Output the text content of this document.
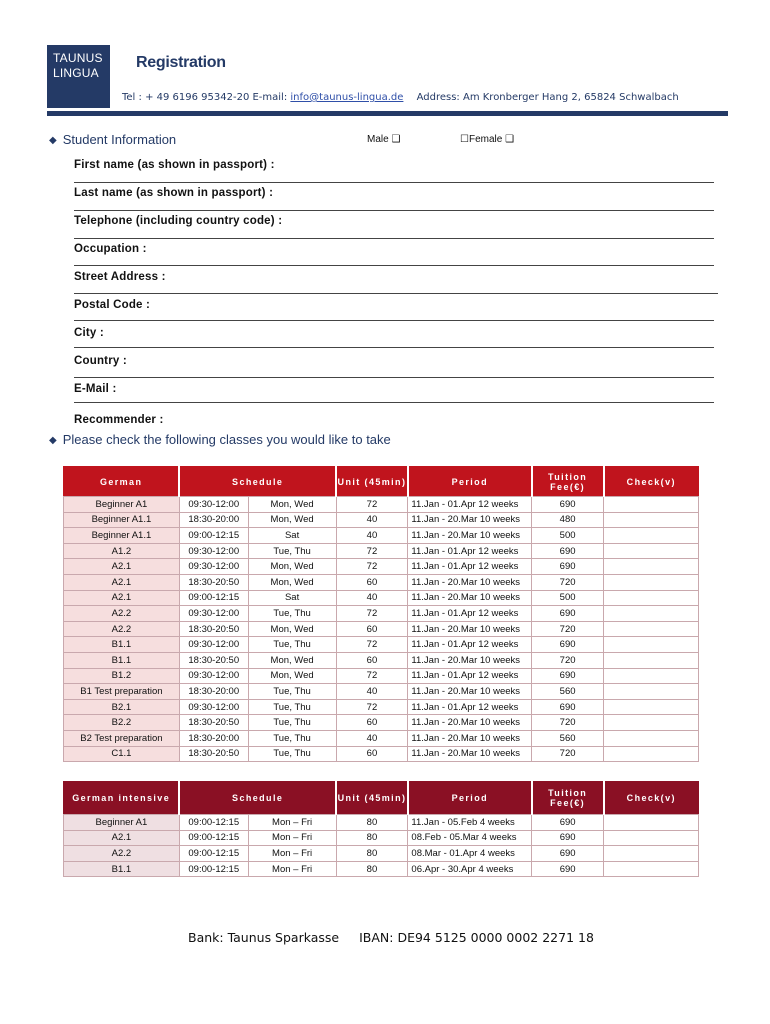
TAUNUS
LINGUA
Registration
Tel : + 49 6196 95342-20 E-mail: info@taunus-lingua.de Address: Am Kronberger Hang 2, 65824 Schwalbach
◆ Student Information	Male ❑	☐Female ❑
First name (as shown in passport) :
Last name (as shown in passport) :
Telephone (including country code) :
Occupation :
Street Address :
Postal Code :
City :
Country :
E-Mail :
Recommender :
◆ Please check the following classes you would like to take
German	Schedule		Unit (45min)	Period	Tuition Fee(€)	Check(v)
Beginner A1	09:30-12:00	Mon, Wed	72	11.Jan - 01.Apr 12 weeks	690	
Beginner A1.1	18:30-20:00	Mon, Wed	40	11.Jan - 20.Mar 10 weeks	480	
Beginner A1.1	09:00-12:15	Sat	40	11.Jan - 20.Mar 10 weeks	500	
A1.2	09:30-12:00	Tue, Thu	72	11.Jan - 01.Apr 12 weeks	690	
A2.1	09:30-12:00	Mon, Wed	72	11.Jan - 01.Apr 12 weeks	690	
A2.1	18:30-20:50	Mon, Wed	60	11.Jan - 20.Mar 10 weeks	720	
A2.1	09:00-12:15	Sat	40	11.Jan - 20.Mar 10 weeks	500	
A2.2	09:30-12:00	Tue, Thu	72	11.Jan - 01.Apr 12 weeks	690	
A2.2	18:30-20:50	Mon, Wed	60	11.Jan - 20.Mar 10 weeks	720	
B1.1	09:30-12:00	Tue, Thu	72	11.Jan - 01.Apr 12 weeks	690	
B1.1	18:30-20:50	Mon, Wed	60	11.Jan - 20.Mar 10 weeks	720	
B1.2	09:30-12:00	Mon, Wed	72	11.Jan - 01.Apr 12 weeks	690	
B1 Test preparation	18:30-20:00	Tue, Thu	40	11.Jan - 20.Mar 10 weeks	560	
B2.1	09:30-12:00	Tue, Thu	72	11.Jan - 01.Apr 12 weeks	690	
B2.2	18:30-20:50	Tue, Thu	60	11.Jan - 20.Mar 10 weeks	720	
B2 Test preparation	18:30-20:00	Tue, Thu	40	11.Jan - 20.Mar 10 weeks	560	
C1.1	18:30-20:50	Tue, Thu	60	11.Jan - 20.Mar 10 weeks	720	
German intensive	Schedule		Unit (45min)	Period	Tuition Fee(€)	Check(v)
Beginner A1	09:00-12:15	Mon – Fri	80	11.Jan - 05.Feb 4 weeks	690	
A2.1	09:00-12:15	Mon – Fri	80	08.Feb - 05.Mar 4 weeks	690	
A2.2	09:00-12:15	Mon – Fri	80	08.Mar - 01.Apr 4 weeks	690	
B1.1	09:00-12:15	Mon – Fri	80	06.Apr - 30.Apr 4 weeks	690	
Bank: Taunus Sparkasse IBAN: DE94 5125 0000 0002 2271 18
